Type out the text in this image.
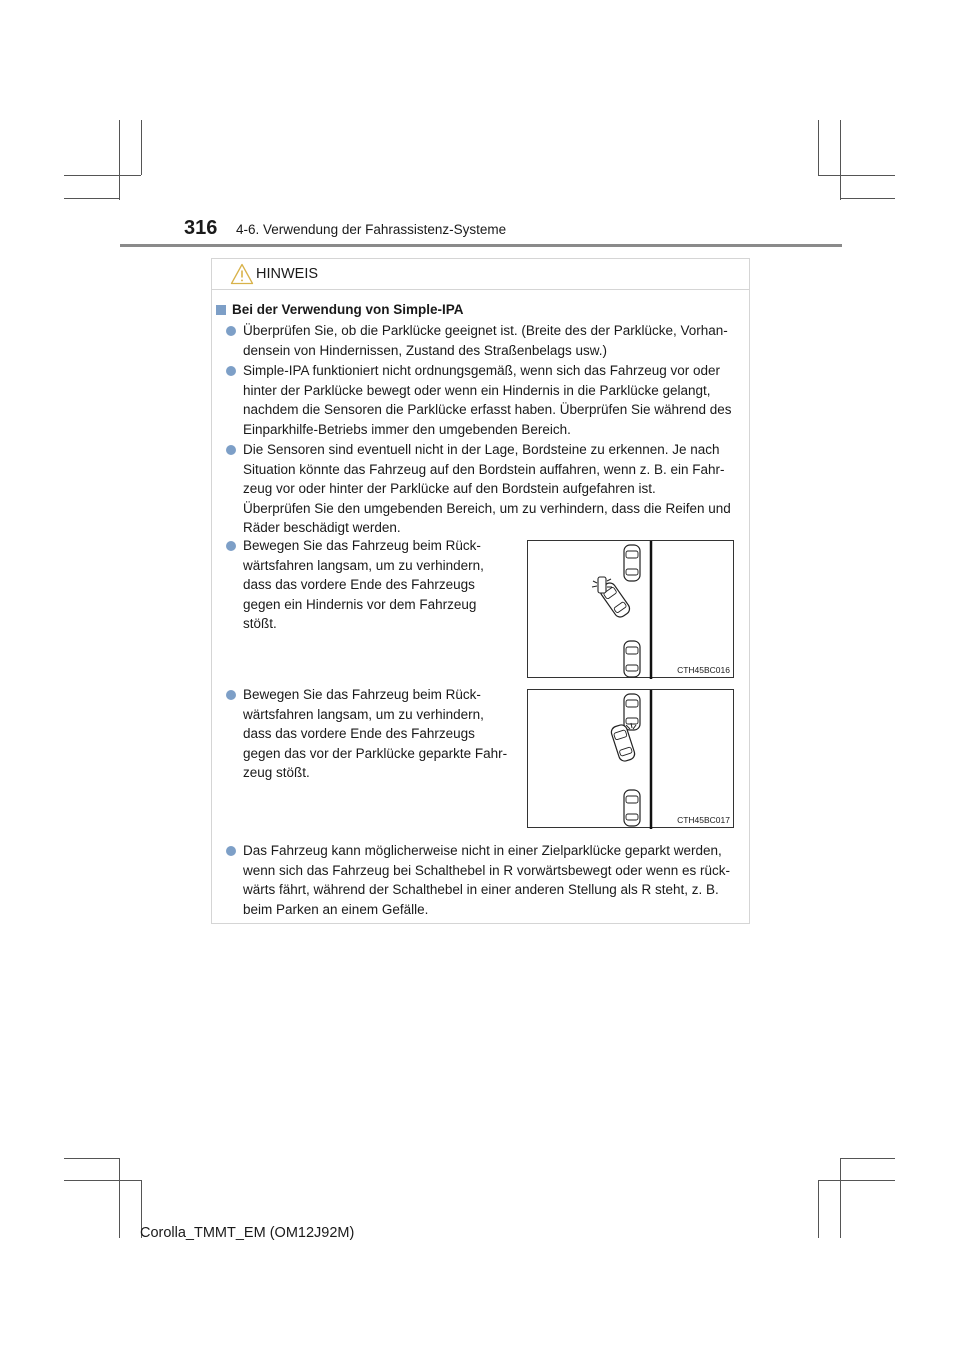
316 4-6. Verwendung der Fahrassistenz-Systeme
HINWEIS
Bei der Verwendung von Simple-IPA
Überprüfen Sie, ob die Parklücke geeignet ist. (Breite des der Parklücke, Vorhan-
densein von Hindernissen, Zustand des Straßenbelags usw.)
Simple-IPA funktioniert nicht ordnungsgemäß, wenn sich das Fahrzeug vor oder
hinter der Parklücke bewegt oder wenn ein Hindernis in die Parklücke gelangt,
nachdem die Sensoren die Parklücke erfasst haben. Überprüfen Sie während des
Einparkhilfe-Betriebs immer den umgebenden Bereich.
Die Sensoren sind eventuell nicht in der Lage, Bordsteine zu erkennen. Je nach
Situation könnte das Fahrzeug auf den Bordstein auffahren, wenn z. B. ein Fahr-
zeug vor oder hinter der Parklücke auf den Bordstein aufgefahren ist.
Überprüfen Sie den umgebenden Bereich, um zu verhindern, dass die Reifen und
Räder beschädigt werden.
Bewegen Sie das Fahrzeug beim Rück-
wärtsfahren langsam, um zu verhindern,
dass das vordere Ende des Fahrzeugs
gegen ein Hindernis vor dem Fahrzeug
stößt.
CTH45BC016
Bewegen Sie das Fahrzeug beim Rück-
wärtsfahren langsam, um zu verhindern,
dass das vordere Ende des Fahrzeugs
gegen das vor der Parklücke geparkte Fahr-
zeug stößt.
CTH45BC017
Das Fahrzeug kann möglicherweise nicht in einer Zielparklücke geparkt werden,
wenn sich das Fahrzeug bei Schalthebel in R vorwärtsbewegt oder wenn es rück-
wärts fährt, während der Schalthebel in einer anderen Stellung als R steht, z. B.
beim Parken an einem Gefälle.
Corolla_TMMT_EM (OM12J92M)
